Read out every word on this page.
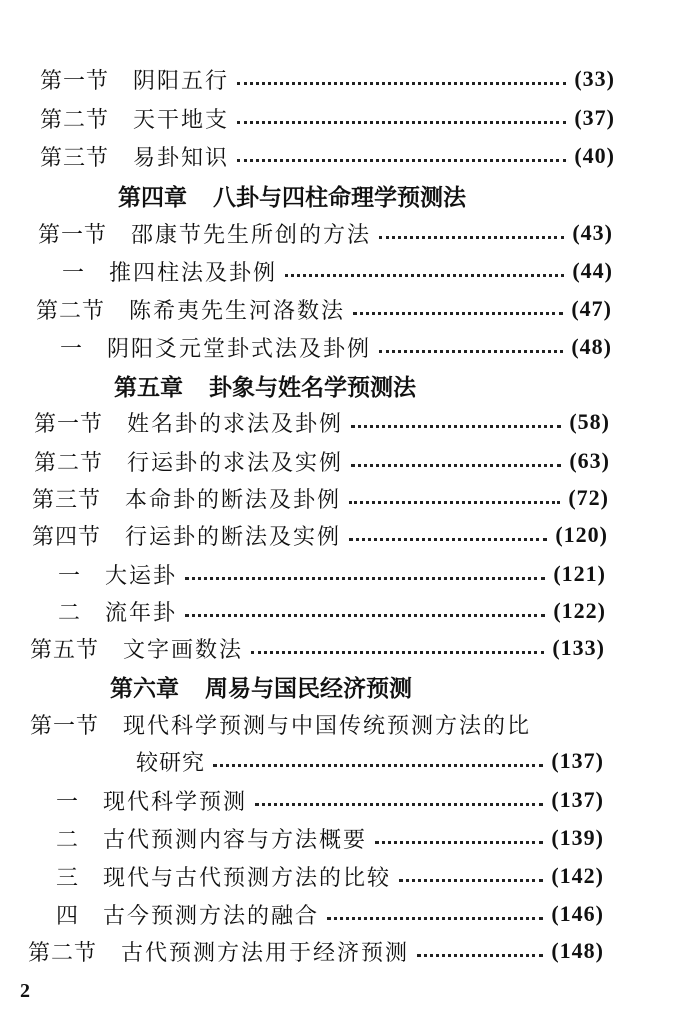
第一节 阴阳五行	(33)
第二节 天干地支	(37)
第三节 易卦知识	(40)
第四章 八卦与四柱命理学预测法
第一节 邵康节先生所创的方法	(43)
一 推四柱法及卦例	(44)
第二节 陈希夷先生河洛数法	(47)
一 阴阳爻元堂卦式法及卦例	(48)
第五章 卦象与姓名学预测法
第一节 姓名卦的求法及卦例	(58)
第二节 行运卦的求法及实例	(63)
第三节 本命卦的断法及卦例	(72)
第四节 行运卦的断法及实例	(120)
一 大运卦	(121)
二 流年卦	(122)
第五节 文字画数法	(133)
第六章 周易与国民经济预测
第一节 现代科学预测与中国传统预测方法的比
较研究	(137)
一 现代科学预测	(137)
二 古代预测内容与方法概要	(139)
三 现代与古代预测方法的比较	(142)
四 古今预测方法的融合	(146)
第二节 古代预测方法用于经济预测	(148)
2
